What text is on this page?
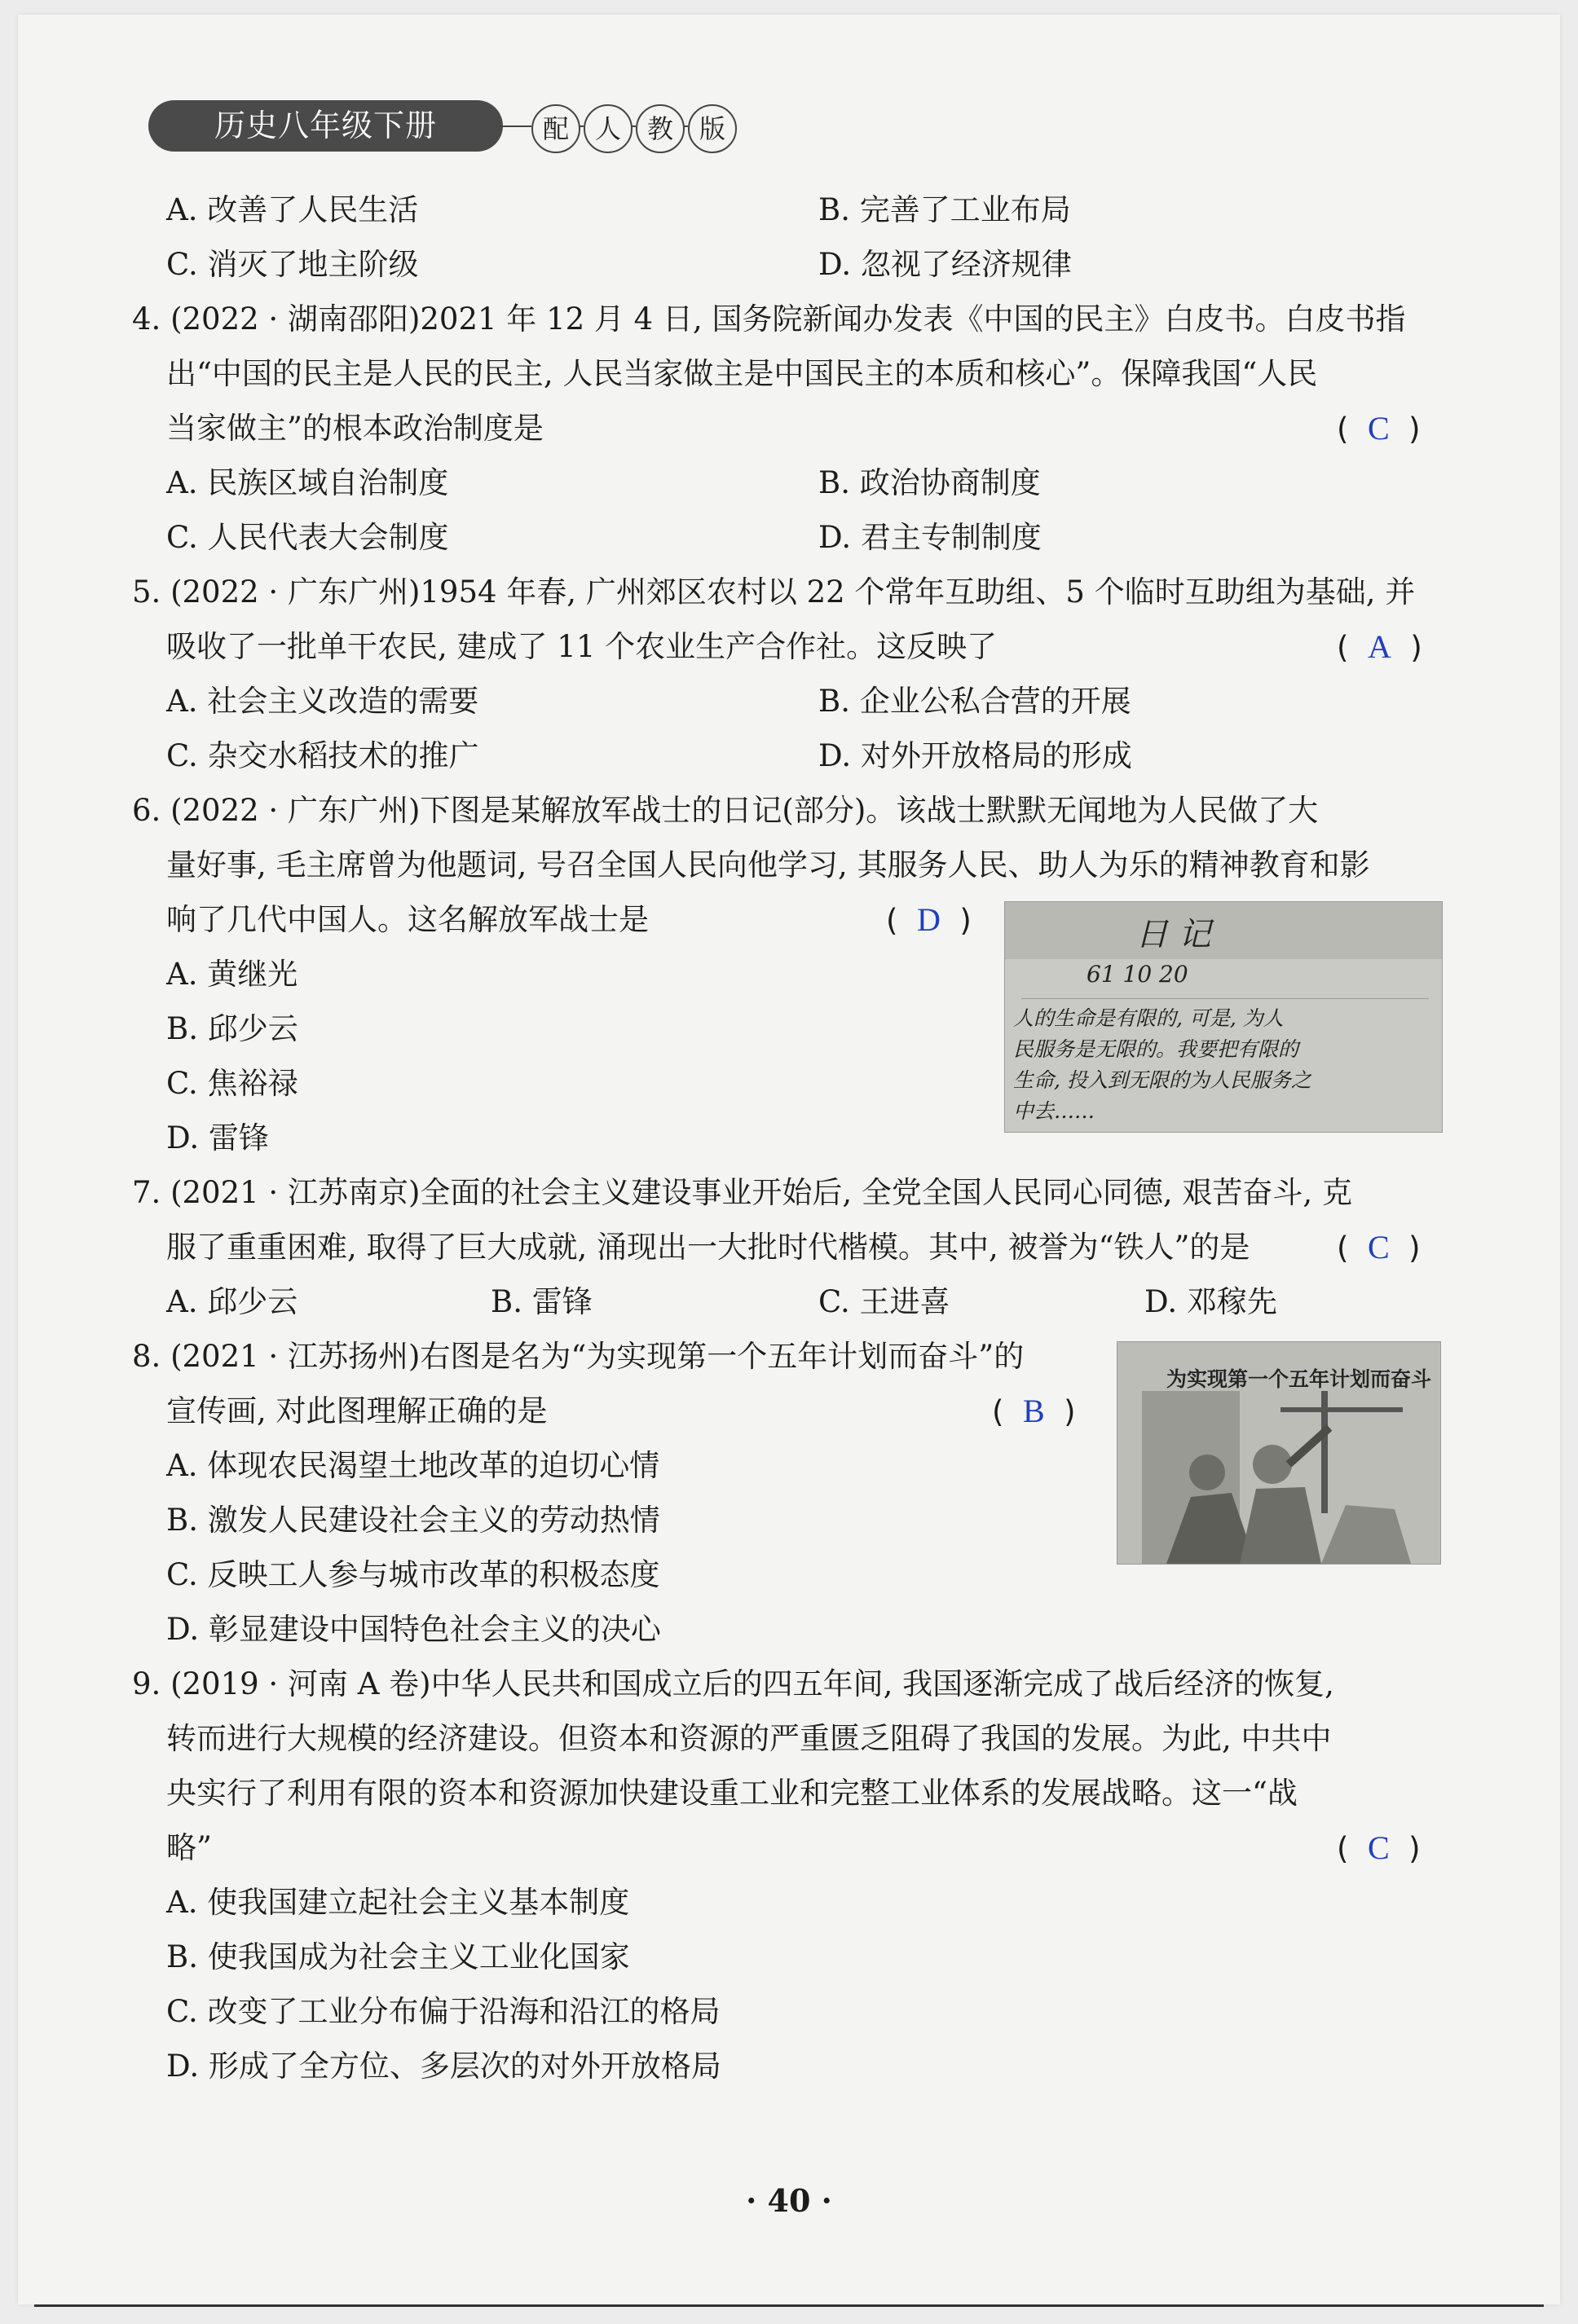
历史八年级下册	配 人 教 版
A. 改善了人民生活	B. 完善了工业布局
C. 消灭了地主阶级	D. 忽视了经济规律
4. (2022 · 湖南邵阳)2021 年 12 月 4 日, 国务院新闻办发表《中国的民主》白皮书。白皮书指
出“中国的民主是人民的民主, 人民当家做主是中国民主的本质和核心”。保障我国“人民
当家做主”的根本政治制度是	(  C  )
A. 民族区域自治制度	B. 政治协商制度
C. 人民代表大会制度	D. 君主专制制度
5. (2022 · 广东广州)1954 年春, 广州郊区农村以 22 个常年互助组、5 个临时互助组为基础, 并
吸收了一批单干农民, 建成了 11 个农业生产合作社。这反映了	(  A  )
A. 社会主义改造的需要	B. 企业公私合营的开展
C. 杂交水稻技术的推广	D. 对外开放格局的形成
6. (2022 · 广东广州)下图是某解放军战士的日记(部分)。该战士默默无闻地为人民做了大
量好事, 毛主席曾为他题词, 号召全国人民向他学习, 其服务人民、助人为乐的精神教育和影
响了几代中国人。这名解放军战士是	(  D  )
A. 黄继光
B. 邱少云
C. 焦裕禄
D. 雷锋
日 记
61 10 20
人的生命是有限的, 可是, 为人
民服务是无限的。我要把有限的
生命, 投入到无限的为人民服务之
中去……
7. (2021 · 江苏南京)全面的社会主义建设事业开始后, 全党全国人民同心同德, 艰苦奋斗, 克
服了重重困难, 取得了巨大成就, 涌现出一大批时代楷模。其中, 被誉为“铁人”的是	(  C  )
A. 邱少云	B. 雷锋	C. 王进喜	D. 邓稼先
8. (2021 · 江苏扬州)右图是名为“为实现第一个五年计划而奋斗”的
宣传画, 对此图理解正确的是	(  B  )
A. 体现农民渴望土地改革的迫切心情
B. 激发人民建设社会主义的劳动热情
C. 反映工人参与城市改革的积极态度
D. 彰显建设中国特色社会主义的决心
为实现第一个五年计划而奋斗
9. (2019 · 河南 A 卷)中华人民共和国成立后的四五年间, 我国逐渐完成了战后经济的恢复,
转而进行大规模的经济建设。但资本和资源的严重匮乏阻碍了我国的发展。为此, 中共中
央实行了利用有限的资本和资源加快建设重工业和完整工业体系的发展战略。这一“战
略”	(  C  )
A. 使我国建立起社会主义基本制度
B. 使我国成为社会主义工业化国家
C. 改变了工业分布偏于沿海和沿江的格局
D. 形成了全方位、多层次的对外开放格局
· 40 ·
